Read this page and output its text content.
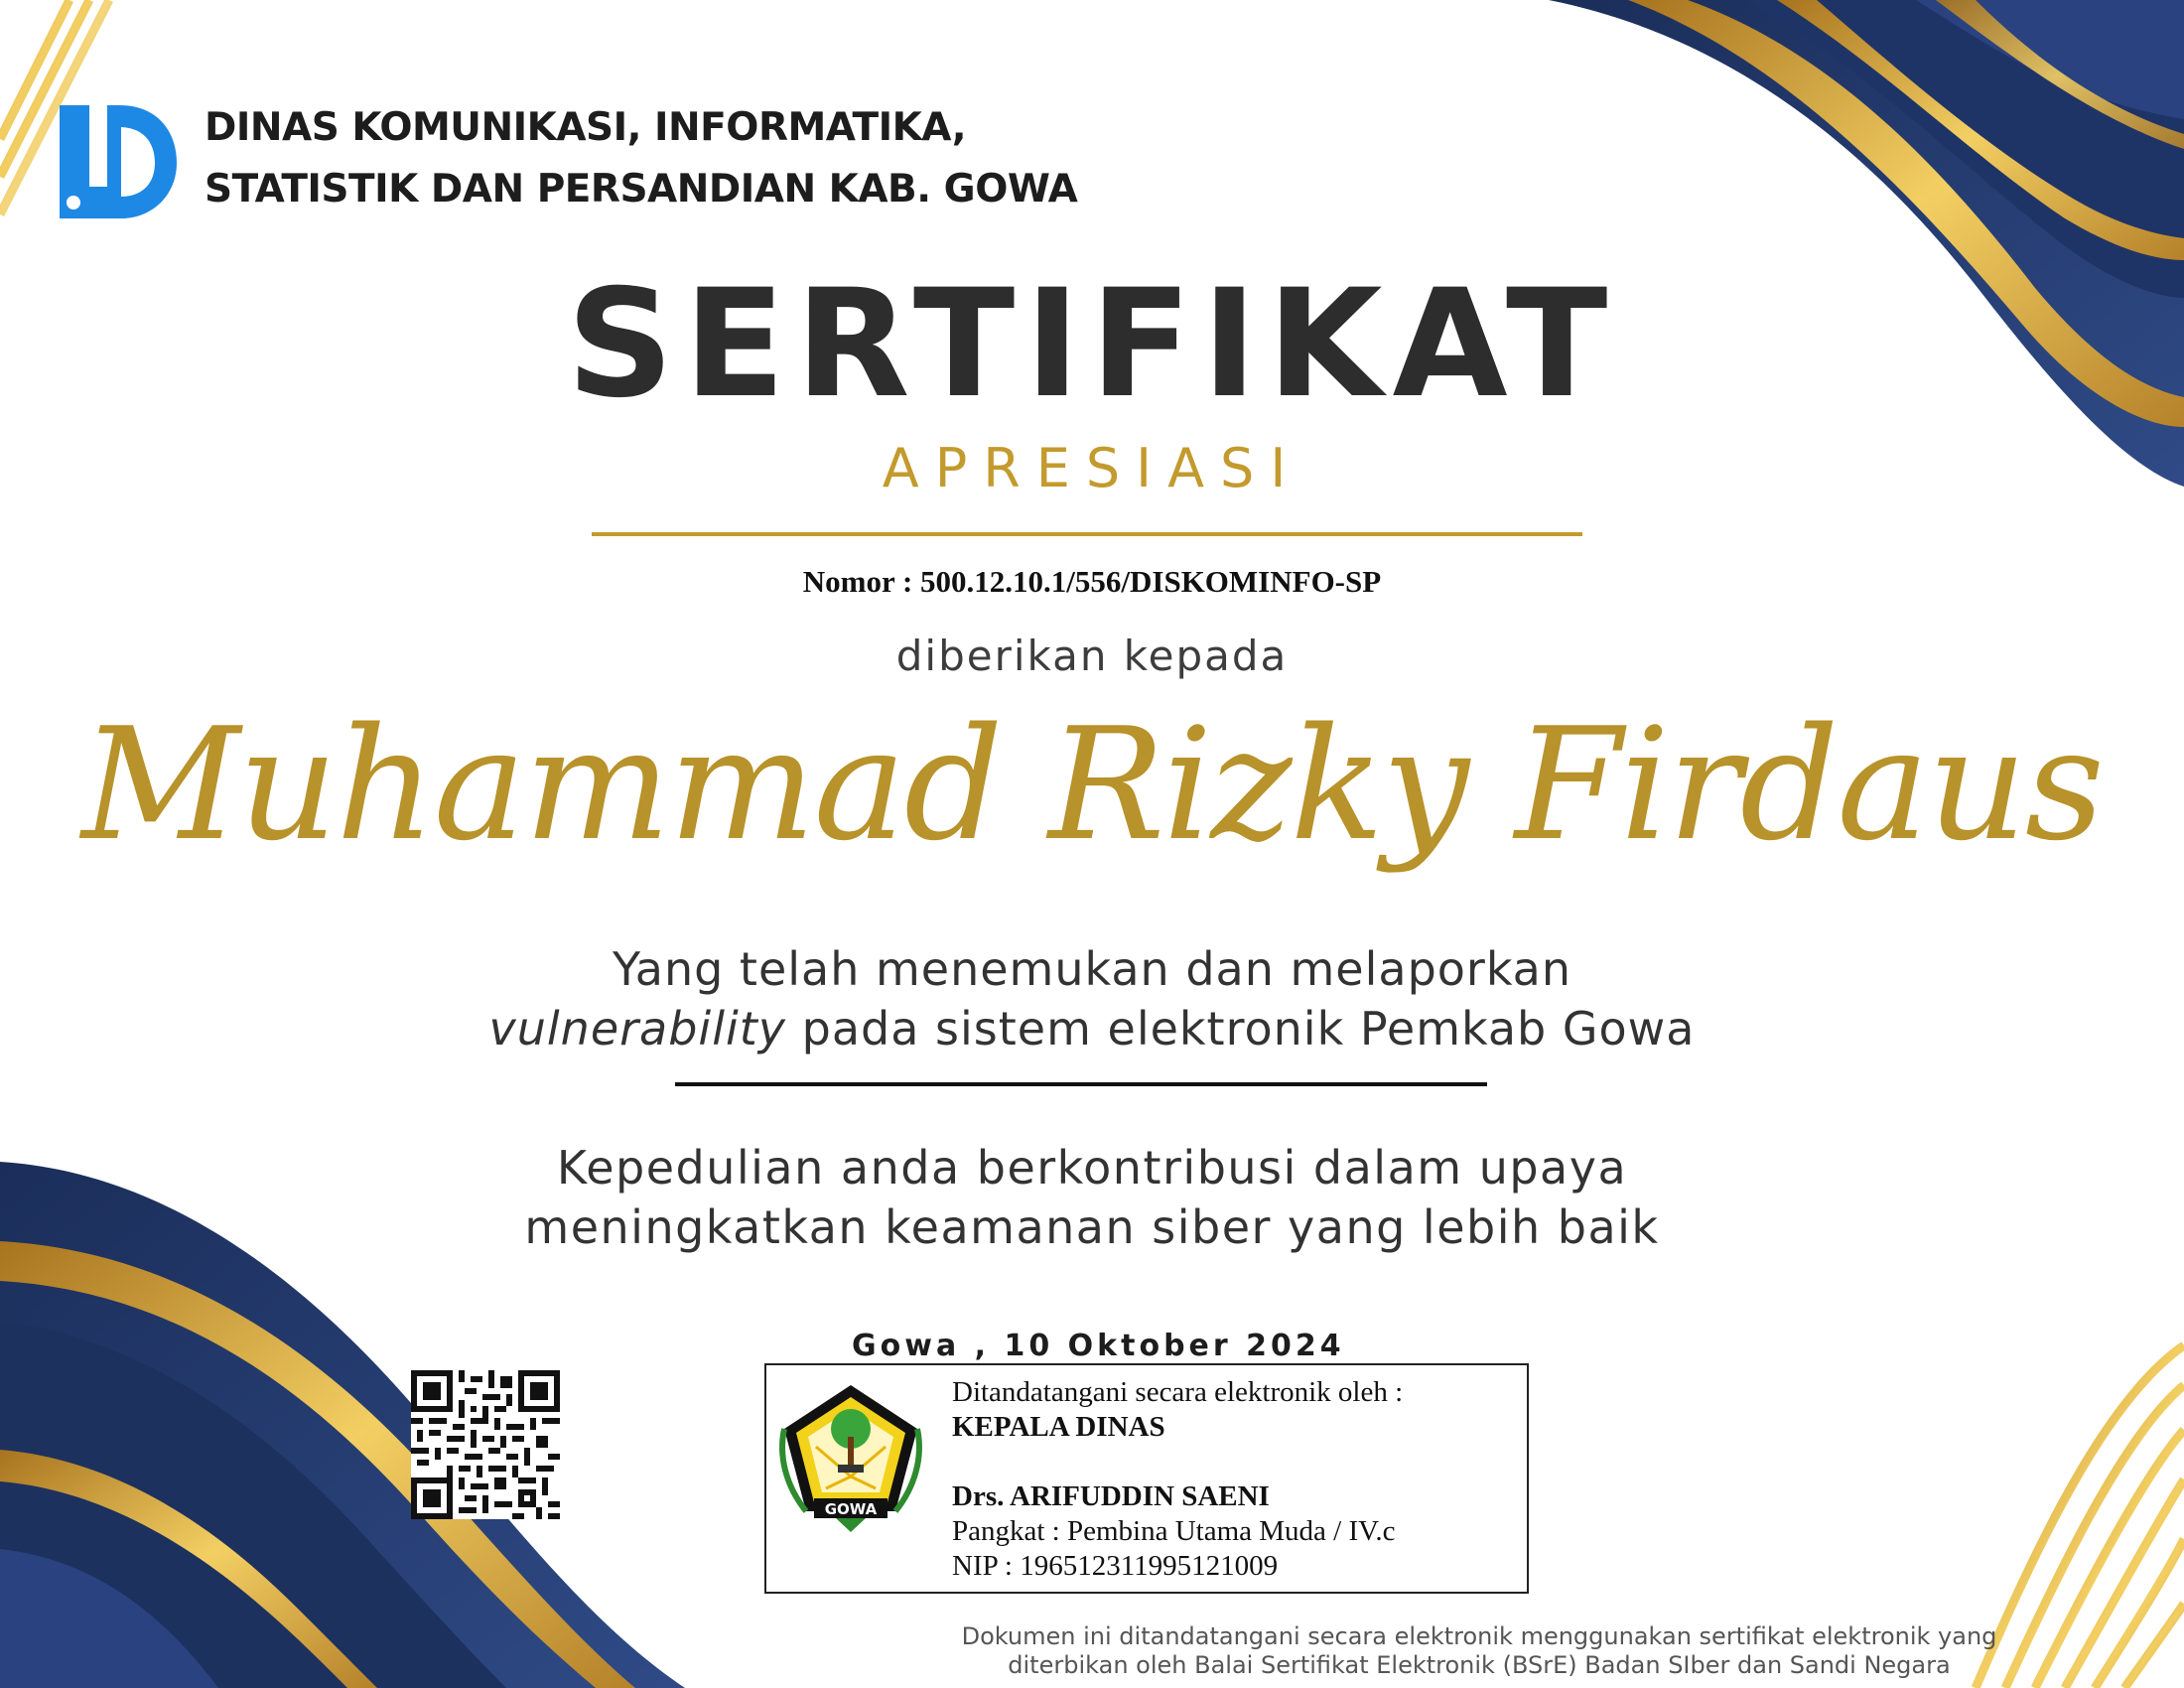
DINAS KOMUNIKASI, INFORMATIKA,
STATISTIK DAN PERSANDIAN KAB. GOWA
SERTIFIKAT
APRESIASI
Nomor : 500.12.10.1/556/DISKOMINFO-SP
diberikan kepada
Muhammad Rizky Firdaus
Yang telah menemukan dan melaporkan
vulnerability pada sistem elektronik Pemkab Gowa
Kepedulian anda berkontribusi dalam upaya
meningkatkan keamanan siber yang lebih baik
Gowa , 10 Oktober 2024
GOWA
Ditandatangani secara elektronik oleh :
KEPALA DINAS
Drs. ARIFUDDIN SAENI
Pangkat : Pembina Utama Muda / IV.c
NIP : 196512311995121009
Dokumen ini ditandatangani secara elektronik menggunakan sertifikat elektronik yang
diterbikan oleh Balai Sertifikat Elektronik (BSrE) Badan SIber dan Sandi Negara
